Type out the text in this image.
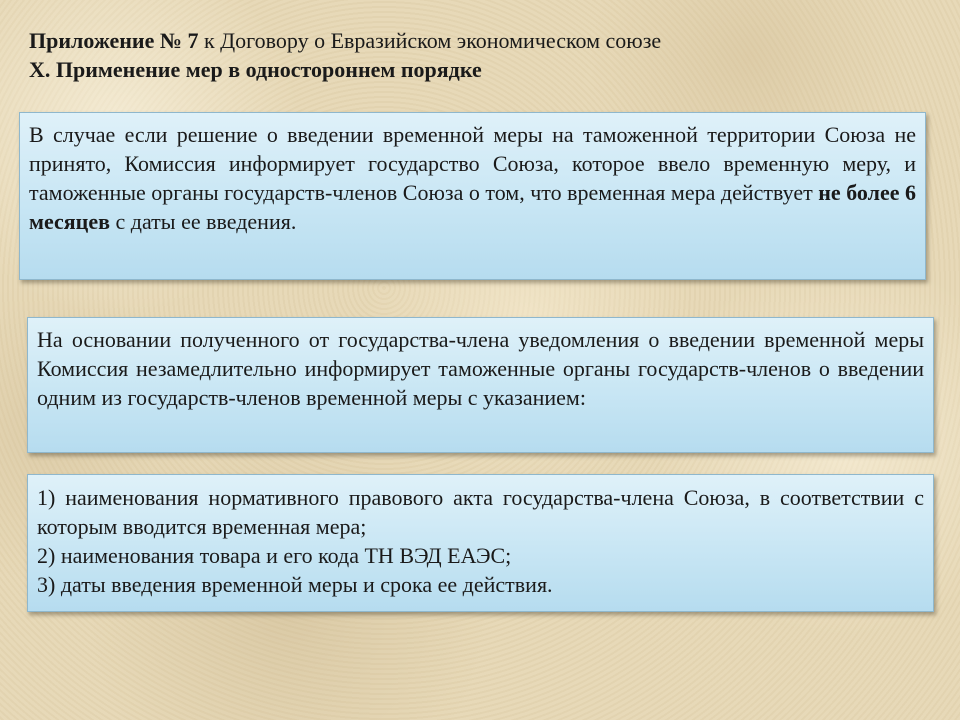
Приложение № 7 к Договору о Евразийском экономическом союзе
X. Применение мер в одностороннем порядке

В случае если решение о введении временной меры на таможенной территории Союза не принято, Комиссия информирует государство Союза, которое ввело временную меру, и таможенные органы государств-членов Союза о том, что временная мера действует не более 6 месяцев с даты ее введения.

На основании полученного от государства-члена уведомления о введении временной меры Комиссия незамедлительно информирует таможенные органы государств-членов о введении одним из государств-членов временной меры с указанием:

1) наименования нормативного правового акта государства-члена Союза, в соответствии с которым вводится временная мера;

2) наименования товара и его кода ТН ВЭД ЕАЭС;

3) даты введения временной меры и срока ее действия.
